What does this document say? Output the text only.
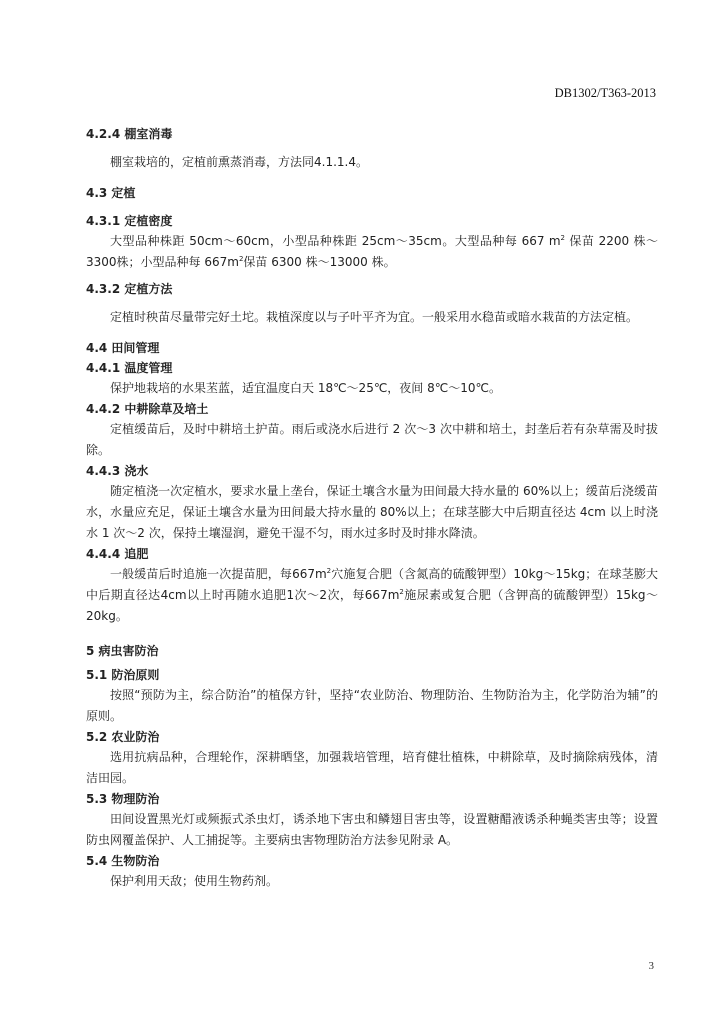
DB1302/T363-2013

4.2.4 棚室消毒

棚室栽培的，定植前熏蒸消毒，方法同4.1.1.4。

4.3 定植

4.3.1 定植密度

大型品种株距 50cm～60cm，小型品种株距 25cm～35cm。大型品种每 667 $m^2$ 保苗 2200 株～3300株；小型品种每 $667m^2$保苗 6300 株～13000 株。

4.3.2 定植方法

定植时秧苗尽量带完好土坨。栽植深度以与子叶平齐为宜。一般采用水稳苗或暗水栽苗的方法定植。

4.4 田间管理

4.4.1 温度管理

保护地栽培的水果苤蓝，适宜温度白天 18℃～25℃，夜间 8℃～10℃。

4.4.2 中耕除草及培土

定植缓苗后，及时中耕培土护苗。雨后或浇水后进行 2 次～3 次中耕和培土，封垄后若有杂草需及时拔除。

4.4.3 浇水

随定植浇一次定植水，要求水量上垄台，保证土壤含水量为田间最大持水量的 60%以上；缓苗后浇缓苗水，水量应充足，保证土壤含水量为田间最大持水量的 80%以上；在球茎膨大中后期直径达 4cm 以上时浇水 1 次～2 次，保持土壤湿润，避免干湿不匀，雨水过多时及时排水降渍。

4.4.4 追肥

一般缓苗后时追施一次提苗肥，每$667m^2$穴施复合肥（含氮高的硫酸钾型）10kg～15kg；在球茎膨大中后期直径达4cm以上时再随水追肥1次～2次，每$667m^2$施尿素或复合肥（含钾高的硫酸钾型）15kg～20kg。

5 病虫害防治

5.1 防治原则

按照“预防为主，综合防治”的植保方针，坚持“农业防治、物理防治、生物防治为主，化学防治为辅”的原则。

5.2 农业防治

选用抗病品种，合理轮作，深耕晒垡，加强栽培管理，培育健壮植株，中耕除草，及时摘除病残体，清洁田园。

5.3 物理防治

田间设置黑光灯或频振式杀虫灯，诱杀地下害虫和鳞翅目害虫等，设置糖醋液诱杀种蝇类害虫等；设置防虫网覆盖保护、人工捕捉等。主要病虫害物理防治方法参见附录 A。

5.4 生物防治

保护利用天敌；使用生物药剂。

3
